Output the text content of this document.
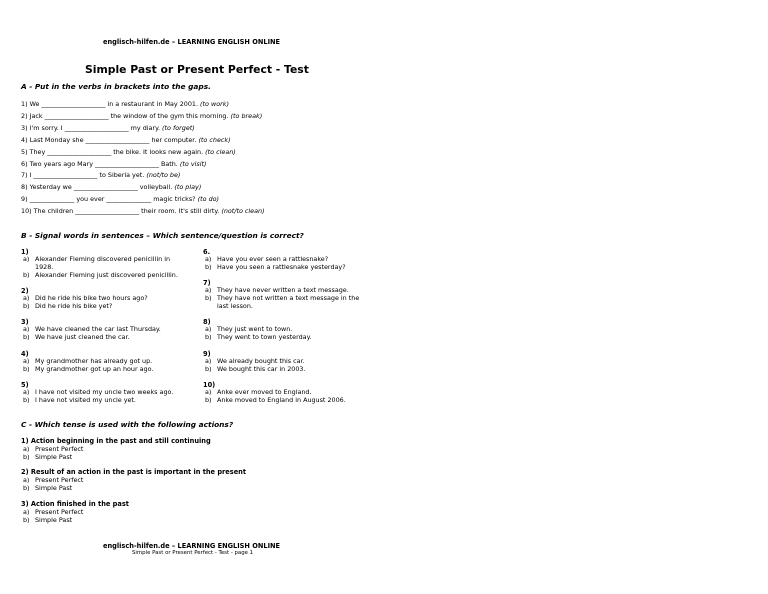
englisch-hilfen.de – LEARNING ENGLISH ONLINE
Simple Past or Present Perfect - Test
A - Put in the verbs in brackets into the gaps.
1) We ____________________ in a restaurant in May 2001. (to work)
2) Jack ____________________ the window of the gym this morning. (to break)
3) I'm sorry. I ____________________ my diary. (to forget)
4) Last Monday she ____________________ her computer. (to check)
5) They ____________________ the bike. It looks new again. (to clean)
6) Two years ago Mary ____________________ Bath. (to visit)
7) I ____________________ to Siberia yet. (not/to be)
8) Yesterday we ____________________ volleyball. (to play)
9) ______________ you ever ______________ magic tricks? (to do)
10) The children ____________________ their room. It's still dirty. (not/to clean)
B - Signal words in sentences – Which sentence/question is correct?
1)
a) Alexander Fleming discovered penicillin in
1928.
b) Alexander Fleming just discovered penicillin.
2)
a) Did he ride his bike two hours ago?
b) Did he ride his bike yet?
3)
a) We have cleaned the car last Thursday.
b) We have just cleaned the car.
4)
a) My grandmother has already got up.
b) My grandmother got up an hour ago.
5)
a) I have not visited my uncle two weeks ago.
b) I have not visited my uncle yet.
6.
a) Have you ever seen a rattlesnake?
b) Have you seen a rattlesnake yesterday?
7)
a) They have never written a text message.
b) They have not written a text message in the
last lesson.
8)
a) They just went to town.
b) They went to town yesterday.
9)
a) We already bought this car.
b) We bought this car in 2003.
10)
a) Anke ever moved to England.
b) Anke moved to England in August 2006.
C - Which tense is used with the following actions?
1) Action beginning in the past and still continuing
a) Present Perfect
b) Simple Past
2) Result of an action in the past is important in the present
a) Present Perfect
b) Simple Past
3) Action finished in the past
a) Present Perfect
b) Simple Past
englisch-hilfen.de – LEARNING ENGLISH ONLINE
Simple Past or Present Perfect - Test - page 1
